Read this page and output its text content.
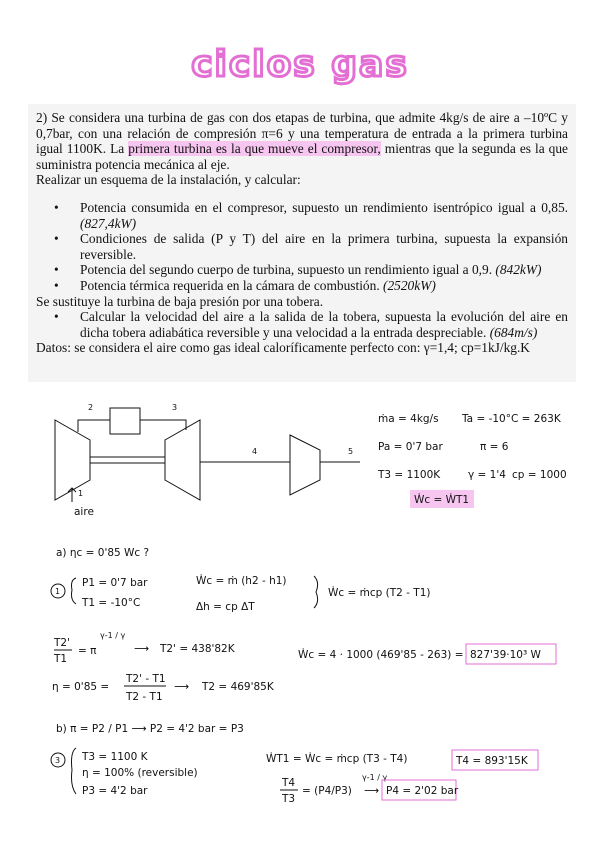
ciclos gas

2) Se considera una turbina de gas con dos etapas de turbina, que admite 4kg/s de aire a –10ºC y 0,7bar, con una relación de compresión π=6 y una temperatura de entrada a la primera turbina igual 1100K. La primera turbina es la que mueve el compresor, mientras que la segunda es la que suministra potencia mecánica al eje.

Realizar un esquema de la instalación, y calcular:

• Potencia consumida en el compresor, supuesto un rendimiento isentrópico igual a 0,85. (827,4kW)
• Condiciones de salida (P y T) del aire en la primera turbina, supuesta la expansión reversible.
• Potencia del segundo cuerpo de turbina, supuesto un rendimiento igual a 0,9. (842kW)
• Potencia térmica requerida en la cámara de combustión. (2520kW)

Se sustituye la turbina de baja presión por una tobera.

• Calcular la velocidad del aire a la salida de la tobera, supuesta la evolución del aire en dicha tobera adiabática reversible y una velocidad a la entrada despreciable. (684m/s)

Datos: se considera el aire como gas ideal caloríficamente perfecto con: γ=1,4; cp=1kJ/kg.K

2	3
4	5
1
aire
ṁa = 4kg/s Ta = -10°C = 263K
Pa = 0'7 bar	π = 6
T3 = 1100K	γ = 1'4 cp = 1000
Ẇc = ẆT1
a) ηc = 0'85 Wc ?
1
P1 = 0'7 bar
T1 = -10°C
Ẇc = ṁ (h2 - h1)
Δh = cp ΔT
Ẇc = ṁcp (T2 - T1)
T2'
T1
= π
γ-1 / γ
⟶ T2' = 438'82K	Ẇc = 4 · 1000 (469'85 - 263) = 827'39·10³ W
η = 0'85 =
T2' - T1
T2 - T1
⟶ T2 = 469'85K
b) π = P2 / P1 ⟶ P2 = 4'2 bar = P3
3 T3 = 1100 K
η = 100% (reversible)
P3 = 4'2 bar
ẆT1 = Ẇc = ṁcp (T3 - T4)	T4 = 893'15K
T4
T3
= (P4/P3)
γ-1 / γ
⟶ P4 = 2'02 bar
